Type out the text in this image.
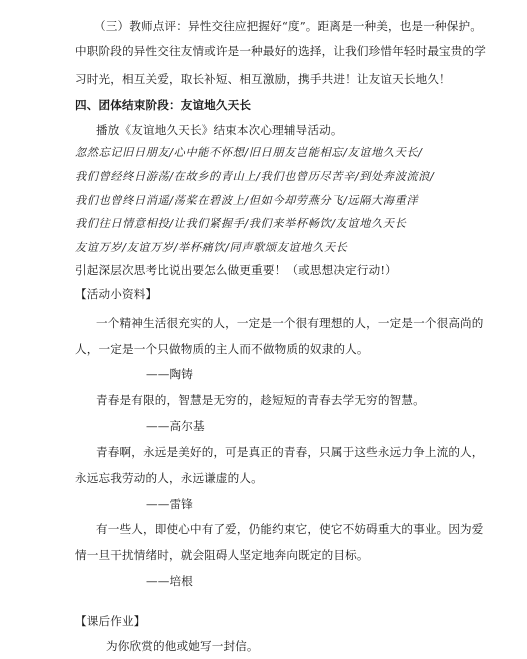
（三）教师点评：异性交往应把握好“度”。距离是一种美，也是一种保护。
中职阶段的异性交往友情或许是一种最好的选择，让我们珍惜年轻时最宝贵的学
习时光，相互关爱，取长补短、相互激励，携手共进！让友谊天长地久！
四、团体结束阶段：友谊地久天长
播放《友谊地久天长》结束本次心理辅导活动。
忽然忘记旧日朋友/心中能不怀想/旧日朋友岂能相忘/友谊地久天长/
我们曾经终日游荡/在故乡的青山上/我们也曾历尽苦辛/到处奔波流浪/
我们也曾终日消遥/荡桨在碧波上/但如今却劳燕分飞/远隔大海重洋
我们往日情意相投/让我们紧握手/我们来举杯畅饮/友谊地久天长
友谊万岁/友谊万岁/举杯痛饮/同声歌颂友谊地久天长
引起深层次思考比说出要怎么做更重要！（或思想决定行动!）
【活动小资料】
一个精神生活很充实的人，一定是一个很有理想的人，一定是一个很高尚的
人，一定是一个只做物质的主人而不做物质的奴隶的人。
——陶铸
青春是有限的，智慧是无穷的，趁短短的青春去学无穷的智慧。
——高尔基
青春啊，永远是美好的，可是真正的青春，只属于这些永远力争上流的人，
永远忘我劳动的人，永远谦虚的人。
——雷锋
有一些人，即使心中有了爱，仍能约束它，使它不妨碍重大的事业。因为爱
情一旦干扰情绪时，就会阻碍人坚定地奔向既定的目标。
——培根
【课后作业】
为你欣赏的他或她写一封信。
